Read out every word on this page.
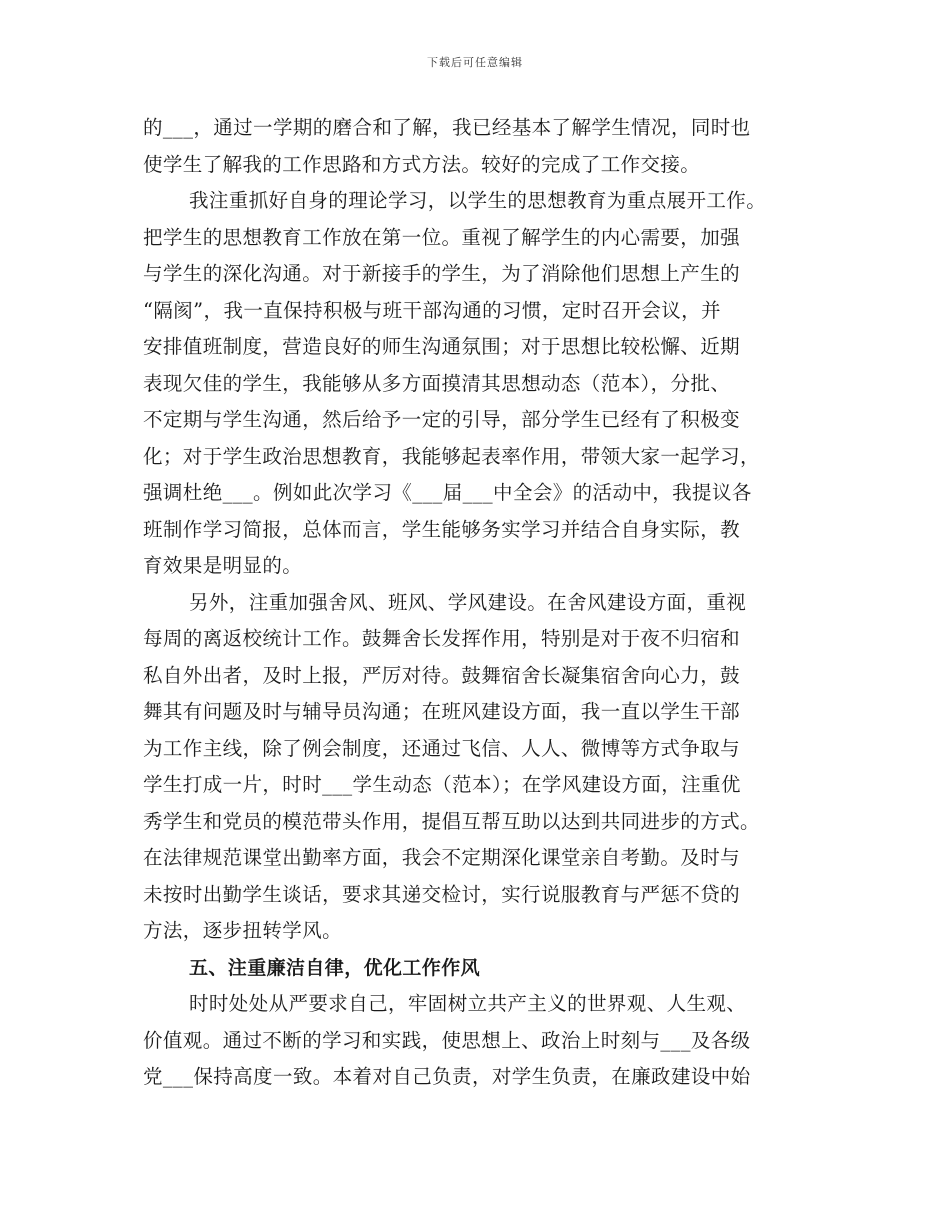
下载后可任意编辑
的___，通过一学期的磨合和了解，我已经基本了解学生情况，同时也
使学生了解我的工作思路和方式方法。较好的完成了工作交接。
我注重抓好自身的理论学习，以学生的思想教育为重点展开工作。
把学生的思想教育工作放在第一位。重视了解学生的内心需要，加强
与学生的深化沟通。对于新接手的学生，为了消除他们思想上产生的
“隔阂”，我一直保持积极与班干部沟通的习惯，定时召开会议，并
安排值班制度，营造良好的师生沟通氛围；对于思想比较松懈、近期
表现欠佳的学生，我能够从多方面摸清其思想动态（范本），分批、
不定期与学生沟通，然后给予一定的引导，部分学生已经有了积极变
化；对于学生政治思想教育，我能够起表率作用，带领大家一起学习，
强调杜绝___。例如此次学习《___届___中全会》的活动中，我提议各
班制作学习简报，总体而言，学生能够务实学习并结合自身实际，教
育效果是明显的。
另外，注重加强舍风、班风、学风建设。在舍风建设方面，重视
每周的离返校统计工作。鼓舞舍长发挥作用，特别是对于夜不归宿和
私自外出者，及时上报，严厉对待。鼓舞宿舍长凝集宿舍向心力，鼓
舞其有问题及时与辅导员沟通；在班风建设方面，我一直以学生干部
为工作主线，除了例会制度，还通过飞信、人人、微博等方式争取与
学生打成一片，时时___学生动态（范本）；在学风建设方面，注重优
秀学生和党员的模范带头作用，提倡互帮互助以达到共同进步的方式。
在法律规范课堂出勤率方面，我会不定期深化课堂亲自考勤。及时与
未按时出勤学生谈话，要求其递交检讨，实行说服教育与严惩不贷的
方法，逐步扭转学风。
五、注重廉洁自律，优化工作作风
时时处处从严要求自己，牢固树立共产主义的世界观、人生观、
价值观。通过不断的学习和实践，使思想上、政治上时刻与___及各级
党___保持高度一致。本着对自己负责，对学生负责，在廉政建设中始
